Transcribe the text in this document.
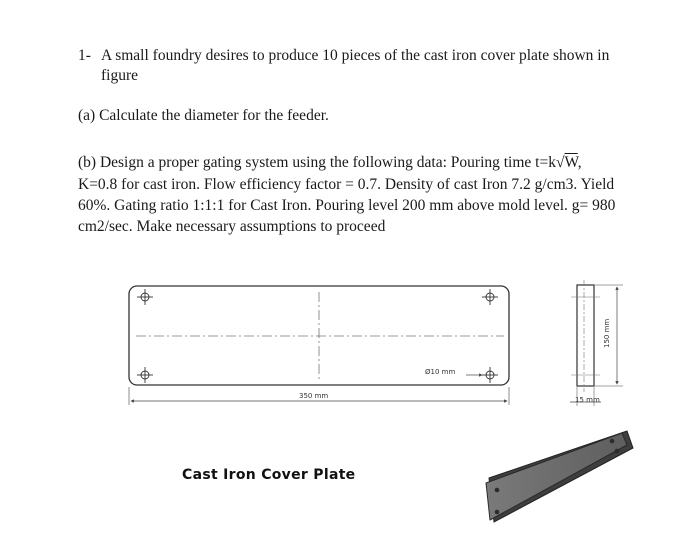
1- A small foundry desires to produce 10 pieces of the cast iron cover plate shown in
figure
(a) Calculate the diameter for the feeder.
(b) Design a proper gating system using the following data: Pouring time t=k√W,
K=0.8 for cast iron. Flow efficiency factor = 0.7. Density of cast Iron 7.2 g/cm3. Yield
60%. Gating ratio 1:1:1 for Cast Iron. Pouring level 200 mm above mold level. g= 980
cm2/sec. Make necessary assumptions to proceed
Ø10 mm
350 mm
150 mm
15 mm
Cast Iron Cover Plate
